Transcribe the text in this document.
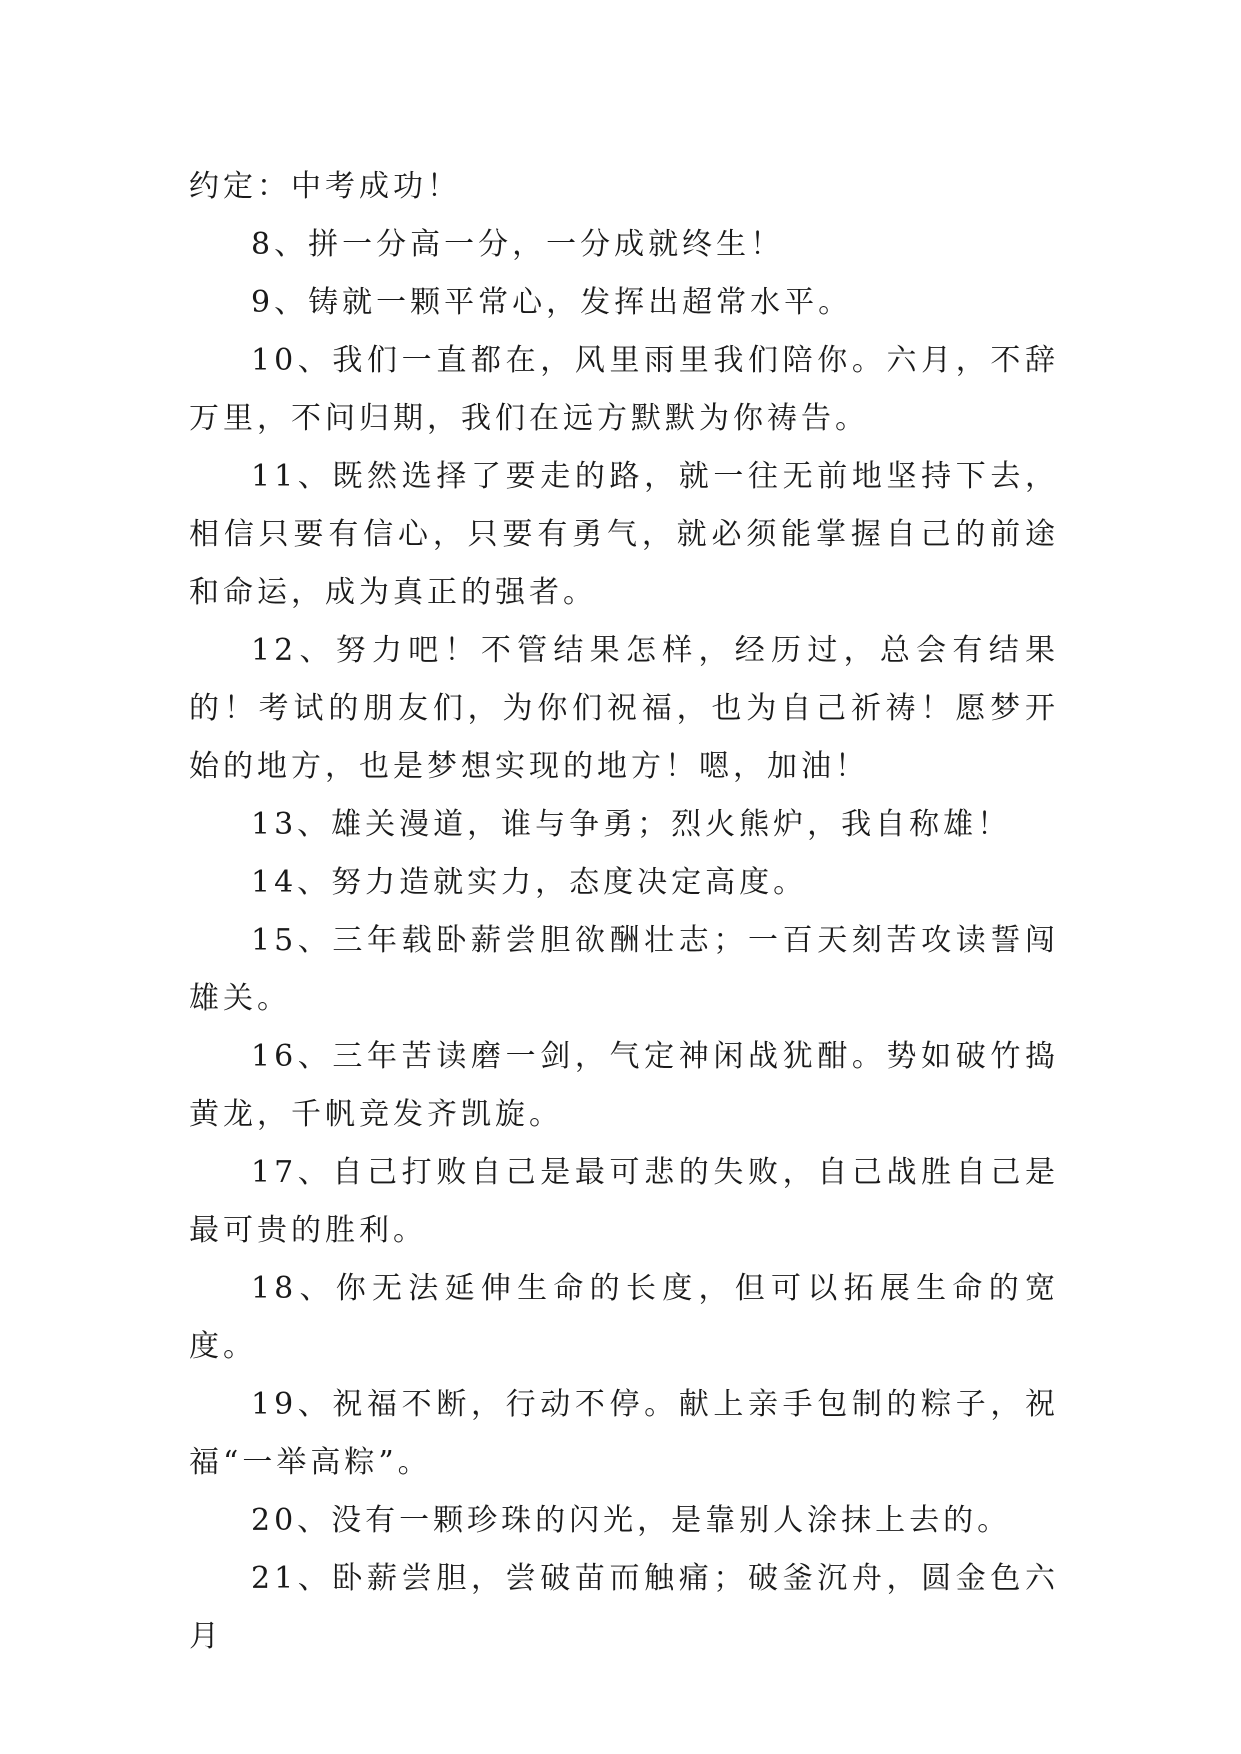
约定：中考成功！

8、拼一分高一分，一分成就终生！

9、铸就一颗平常心，发挥出超常水平。

10、我们一直都在，风里雨里我们陪你。六月，不辞万里，不问归期，我们在远方默默为你祷告。

11、既然选择了要走的路，就一往无前地坚持下去，相信只要有信心，只要有勇气，就必须能掌握自己的前途和命运，成为真正的强者。

12、努力吧！不管结果怎样，经历过，总会有结果的！考试的朋友们，为你们祝福，也为自己祈祷！愿梦开始的地方，也是梦想实现的地方！嗯，加油！

13、雄关漫道，谁与争勇；烈火熊炉，我自称雄！

14、努力造就实力，态度决定高度。

15、三年载卧薪尝胆欲酬壮志；一百天刻苦攻读誓闯雄关。

16、三年苦读磨一剑，气定神闲战犹酣。势如破竹捣黄龙，千帆竞发齐凯旋。

17、自己打败自己是最可悲的失败，自己战胜自己是最可贵的胜利。

18、你无法延伸生命的长度，但可以拓展生命的宽度。

19、祝福不断，行动不停。献上亲手包制的粽子，祝福“一举高粽”。

20、没有一颗珍珠的闪光，是靠别人涂抹上去的。

21、卧薪尝胆，尝破苗而触痛；破釜沉舟，圆金色六月
